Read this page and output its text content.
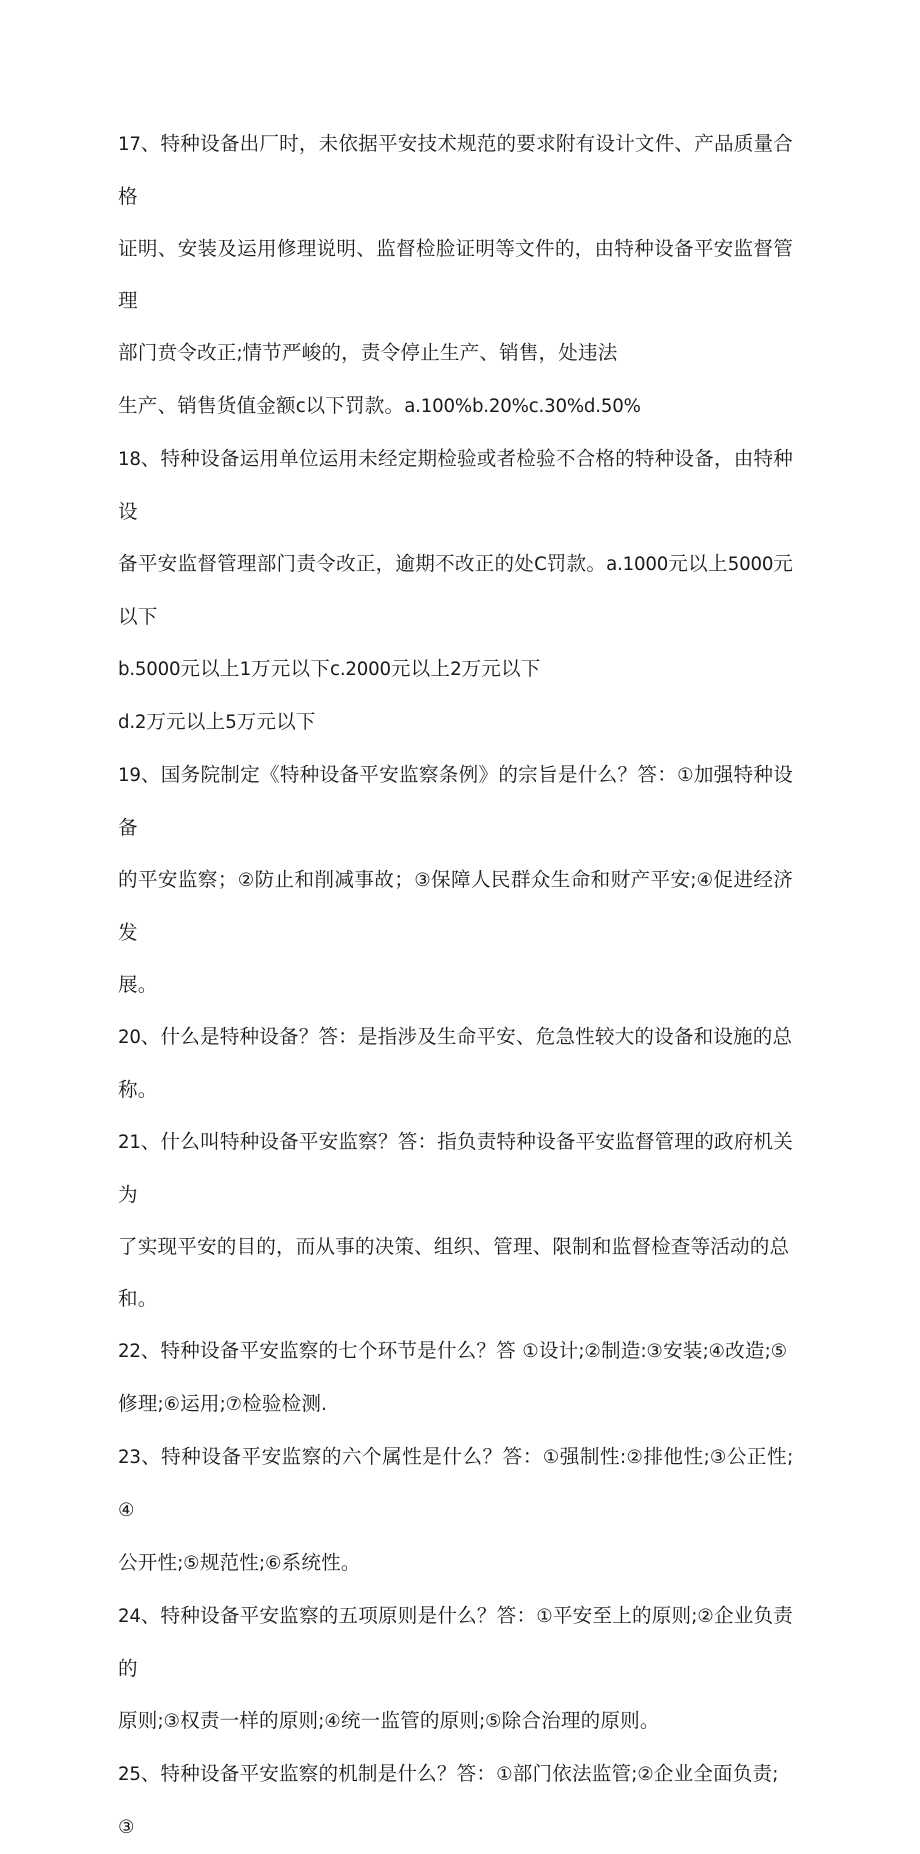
17、特种设备出厂时，未依据平安技术规范的要求附有设计文件、产品质量合格
证明、安装及运用修理说明、监督检脸证明等文件的，由特种设备平安监督管理
部门贲令改正;情节严峻的，责令停止生产、销售，处违法
生产、销售货值金额c以下罚款。a.100%b.20%c.30%d.50%
18、特种设备运用单位运用未经定期检验或者检验不合格的特种设备，由特种设
备平安监督管理部门责令改正，逾期不改正的处C罚款。a.1000元以上5000元以下
b.5000元以上1万元以下c.2000元以上2万元以下
d.2万元以上5万元以下
19、国务院制定《特种设备平安监察条例》的宗旨是什么？答：①加强特种设备
的平安监察；②防止和削减事故；③保障人民群众生命和财产平安;④促进经济发
展。
20、什么是特种设备？答：是指涉及生命平安、危急性较大的设备和设施的总称。
21、什么叫特种设备平安监察？答：指负责特种设备平安监督管理的政府机关为
了实现平安的目的，而从事的决策、组织、管理、限制和监督检查等活动的总和。
22、特种设备平安监察的七个环节是什么？答 ①设计;②制造:③安装;④改造;⑤
修理;⑥运用;⑦检验检测.
23、特种设备平安监察的六个属性是什么？答：①强制性:②排他性;③公正性;④
公开性;⑤规范性;⑥系统性。
24、特种设备平安监察的五项原则是什么？答：①平安至上的原则;②企业负责的
原则;③权责一样的原则;④统一监管的原则;⑤除合治理的原则。
25、特种设备平安监察的机制是什么？答：①部门依法监管;②企业全面负责;③
